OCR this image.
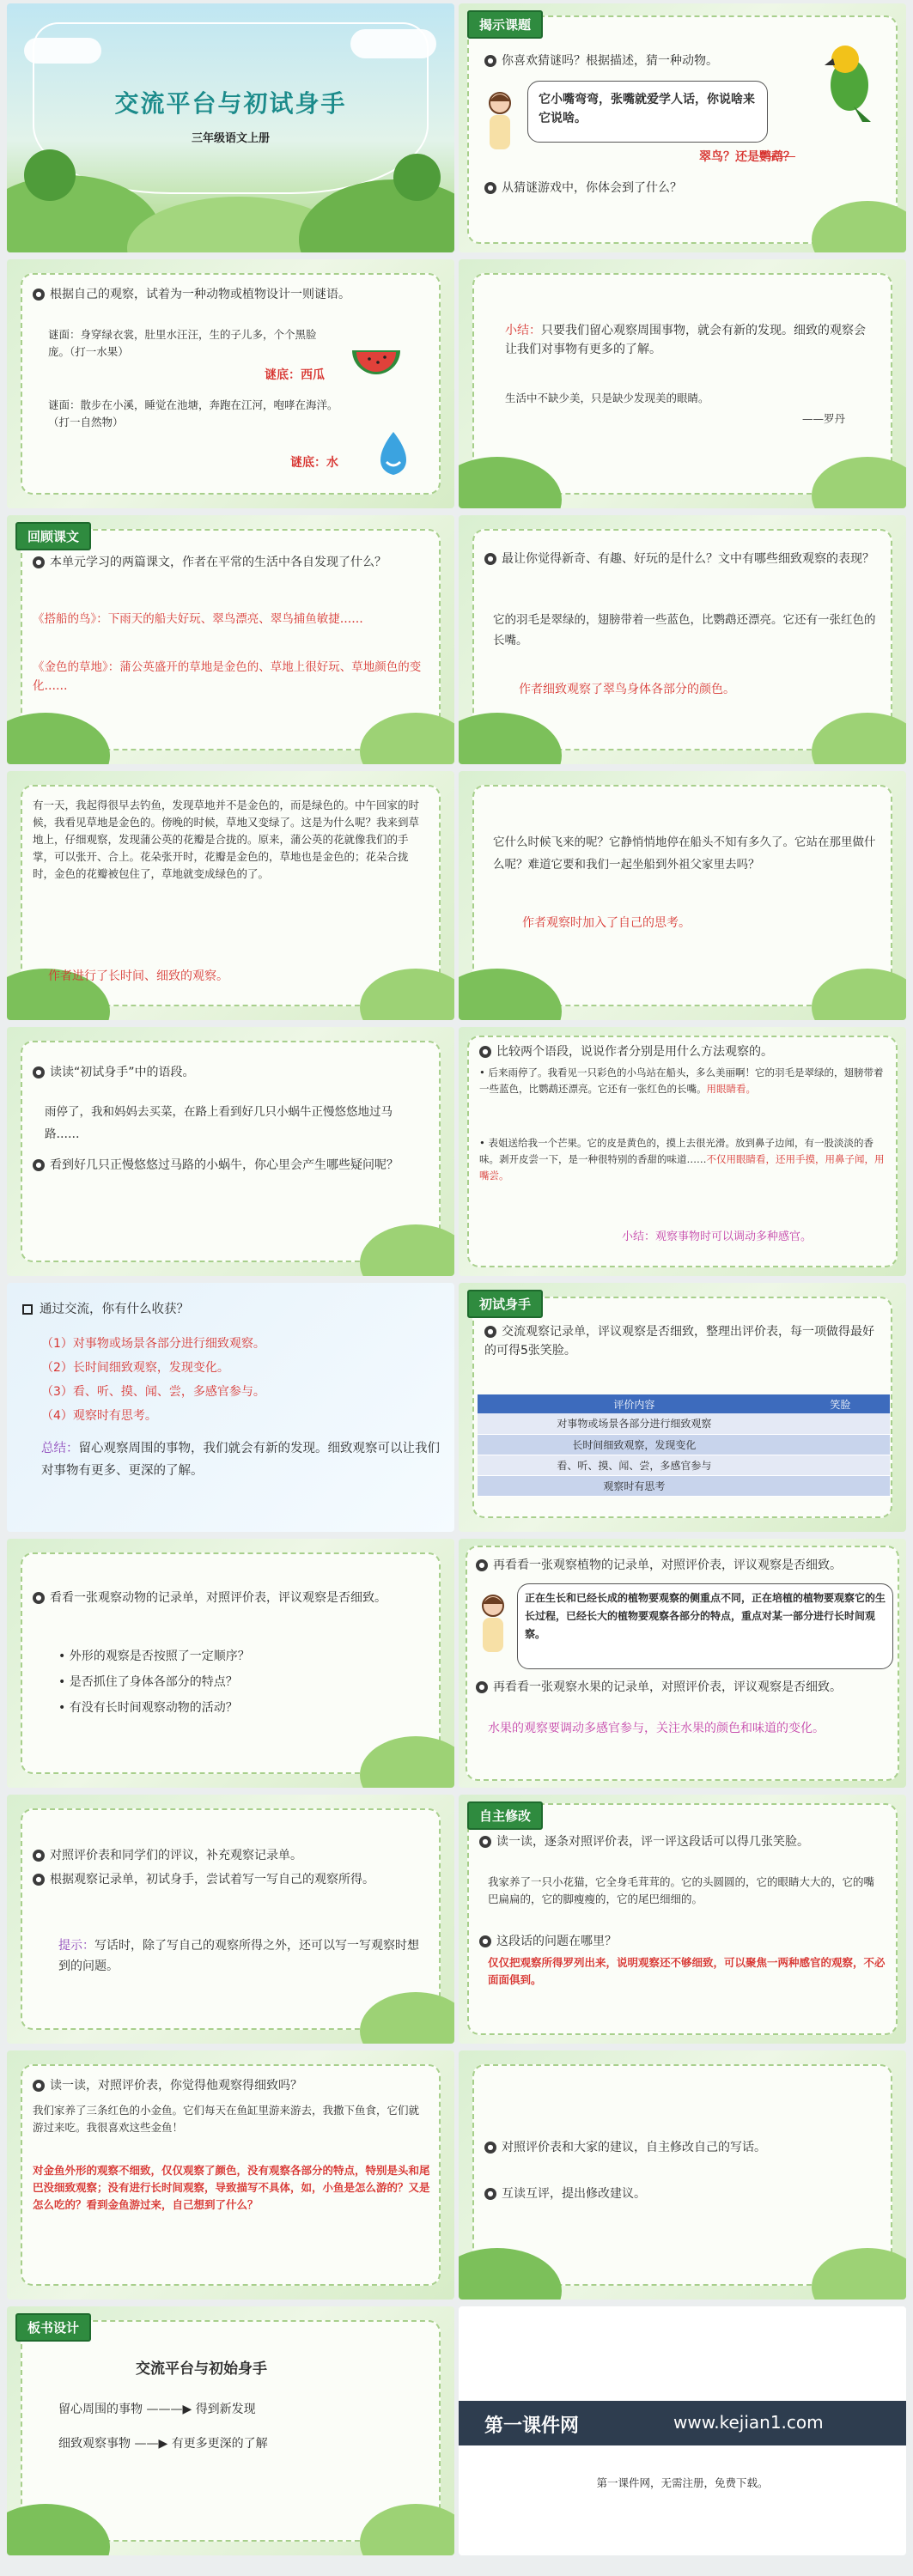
交流平台与初试身手
三年级语文上册
揭示课题
● 你喜欢猜谜吗？根据描述，猜一种动物。
它小嘴弯弯，张嘴就爱学人话，你说啥来它说啥。
翠鸟？还是鹦鹉？
● 从猜谜游戏中，你体会到了什么？
● 根据自己的观察，试着为一种动物或植物设计一则谜语。
谜面：身穿绿衣裳，肚里水汪汪，生的子儿多，个个黑脸庞。（打一水果）
谜底：西瓜
谜面：散步在小溪，睡觉在池塘，奔跑在江河，咆哮在海洋。（打一自然物）
谜底：水
小结：只要我们留心观察周围事物，就会有新的发现。细致的观察会让我们对事物有更多的了解。
生活中不缺少美，只是缺少发现美的眼睛。
——罗丹
回顾课文
● 本单元学习的两篇课文，作者在平常的生活中各自发现了什么？
《搭船的鸟》：下雨天的船夫好玩、翠鸟漂亮、翠鸟捕鱼敏捷……
《金色的草地》：蒲公英盛开的草地是金色的、草地上很好玩、草地颜色的变化……
● 最让你觉得新奇、有趣、好玩的是什么？文中有哪些细致观察的表现？
它的羽毛是翠绿的，翅膀带着一些蓝色，比鹦鹉还漂亮。它还有一张红色的长嘴。
作者细致观察了翠鸟身体各部分的颜色。
有一天，我起得很早去钓鱼，发现草地并不是金色的，而是绿色的。中午回家的时候，我看见草地是金色的。傍晚的时候，草地又变绿了。这是为什么呢？我来到草地上，仔细观察，发现蒲公英的花瓣是合拢的。原来，蒲公英的花就像我们的手掌，可以张开、合上。花朵张开时，花瓣是金色的，草地也是金色的；花朵合拢时，金色的花瓣被包住了，草地就变成绿色的了。
作者进行了长时间、细致的观察。
它什么时候飞来的呢？它静悄悄地停在船头不知有多久了。它站在那里做什么呢？难道它要和我们一起坐船到外祖父家里去吗？
作者观察时加入了自己的思考。
● 读读“初试身手”中的语段。
雨停了，我和妈妈去买菜，在路上看到好几只小蜗牛正慢悠悠地过马路……
● 看到好几只正慢悠悠过马路的小蜗牛，你心里会产生哪些疑问呢？
● 比较两个语段，说说作者分别是用什么方法观察的。
• 后来雨停了。我看见一只彩色的小鸟站在船头，多么美丽啊！它的羽毛是翠绿的，翅膀带着一些蓝色，比鹦鹉还漂亮。它还有一张红色的长嘴。用眼睛看。
• 表姐送给我一个芒果。它的皮是黄色的，摸上去很光滑。放到鼻子边闻，有一股淡淡的香味。剥开皮尝一下，是一种很特别的香甜的味道……不仅用眼睛看，还用手摸，用鼻子闻，用嘴尝。
小结：观察事物时可以调动多种感官。
通过交流，你有什么收获？
（1）对事物或场景各部分进行细致观察。
（2）长时间细致观察，发现变化。
（3）看、听、摸、闻、尝，多感官参与。
（4）观察时有思考。
总结：留心观察周围的事物，我们就会有新的发现。细致观察可以让我们对事物有更多、更深的了解。
初试身手
● 交流观察记录单，评议观察是否细致，整理出评价表，每一项做得最好的可得5张笑脸。
评价内容	笑脸
对事物或场景各部分进行细致观察	
长时间细致观察，发现变化	
看、听、摸、闻、尝，多感官参与	
观察时有思考	
● 看看一张观察动物的记录单，对照评价表，评议观察是否细致。
• 外形的观察是否按照了一定顺序？
• 是否抓住了身体各部分的特点？
• 有没有长时间观察动物的活动？
● 再看看一张观察植物的记录单，对照评价表，评议观察是否细致。
正在生长和已经长成的植物要观察的侧重点不同，正在培植的植物要观察它的生长过程，已经长大的植物要观察各部分的特点，重点对某一部分进行长时间观察。
● 再看看一张观察水果的记录单，对照评价表，评议观察是否细致。
水果的观察要调动多感官参与，关注水果的颜色和味道的变化。
● 对照评价表和同学们的评议，补充观察记录单。
● 根据观察记录单，初试身手，尝试着写一写自己的观察所得。
提示：写话时，除了写自己的观察所得之外，还可以写一写观察时想到的问题。
自主修改
● 读一读，逐条对照评价表，评一评这段话可以得几张笑脸。
我家养了一只小花猫，它全身毛茸茸的。它的头圆圆的，它的眼睛大大的，它的嘴巴扁扁的，它的脚瘦瘦的，它的尾巴细细的。
● 这段话的问题在哪里？
仅仅把观察所得罗列出来，说明观察还不够细致，可以聚焦一两种感官的观察，不必面面俱到。
● 读一读，对照评价表，你觉得他观察得细致吗？
我们家养了三条红色的小金鱼。它们每天在鱼缸里游来游去，我撒下鱼食，它们就游过来吃。我很喜欢这些金鱼！
对金鱼外形的观察不细致，仅仅观察了颜色，没有观察各部分的特点，特别是头和尾巴没细致观察；没有进行长时间观察，导致描写不具体，如，小鱼是怎么游的？又是怎么吃的？看到金鱼游过来，自己想到了什么？
● 对照评价表和大家的建议，自主修改自己的写话。
● 互读互评，提出修改建议。
板书设计
交流平台与初始身手
留心周围的事物 ———▶ 得到新发现
细致观察事物 ——▶ 有更多更深的了解
第一课件网	www.kejian1.com
第一课件网，无需注册，免费下载。
